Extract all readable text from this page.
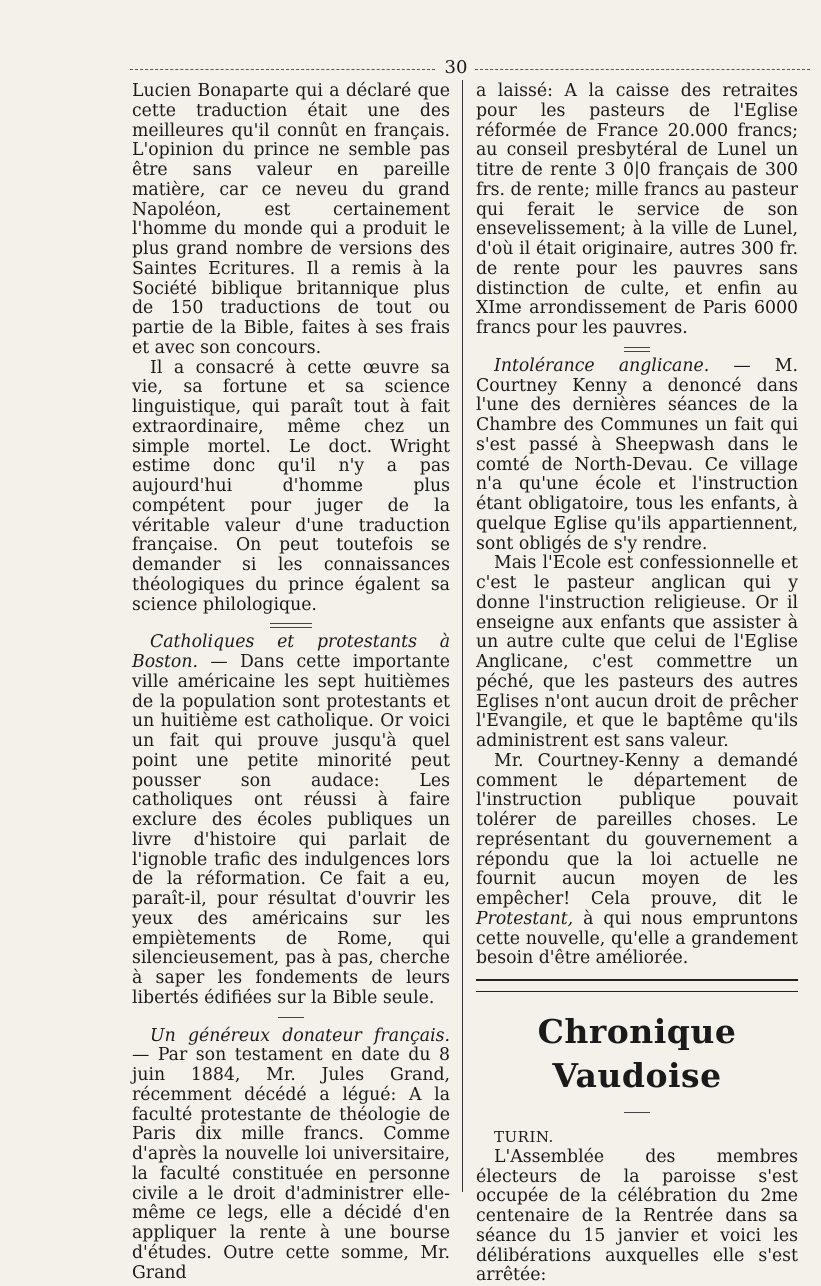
30

Lucien Bonaparte qui a déclaré que cette traduction était une des meilleures qu'il connût en français. L'opinion du prince ne semble pas être sans valeur en pareille matière, car ce neveu du grand Napoléon, est certainement l'homme du monde qui a produit le plus grand nombre de versions des Saintes Ecritures. Il a remis à la Société biblique britannique plus de 150 traductions de tout ou partie de la Bible, faites à ses frais et avec son concours.

Il a consacré à cette œuvre sa vie, sa fortune et sa science linguistique, qui paraît tout à fait extraordinaire, même chez un simple mortel. Le doct. Wright estime donc qu'il n'y a pas aujourd'hui d'homme plus compétent pour juger de la véritable valeur d'une traduction française. On peut toutefois se demander si les connaissances théologiques du prince égalent sa science philologique.

Catholiques et protestants à Boston. — Dans cette importante ville américaine les sept huitièmes de la population sont protestants et un huitième est catholique. Or voici un fait qui prouve jusqu'à quel point une petite minorité peut pousser son audace: Les catholiques ont réussi à faire exclure des écoles publiques un livre d'histoire qui parlait de l'ignoble trafic des indulgences lors de la réformation. Ce fait a eu, paraît-il, pour résultat d'ouvrir les yeux des américains sur les empiètements de Rome, qui silencieusement, pas à pas, cherche à saper les fondements de leurs libertés édifiées sur la Bible seule.

Un généreux donateur français. — Par son testament en date du 8 juin 1884, Mr. Jules Grand, récemment décédé a légué: A la faculté protestante de théologie de Paris dix mille francs. Comme d'après la nouvelle loi universitaire, la faculté constituée en personne civile a le droit d'administrer elle-même ce legs, elle a décidé d'en appliquer la rente à une bourse d'études. Outre cette somme, Mr. Grand

a laissé: A la caisse des retraites pour les pasteurs de l'Eglise réformée de France 20.000 francs; au conseil presbytéral de Lunel un titre de rente 3 0|0 français de 300 frs. de rente; mille francs au pasteur qui ferait le service de son ensevelissement; à la ville de Lunel, d'où il était originaire, autres 300 fr. de rente pour les pauvres sans distinction de culte, et enfin au XIme arrondissement de Paris 6000 francs pour les pauvres.

Intolérance anglicane. — M. Courtney Kenny a denoncé dans l'une des dernières séances de la Chambre des Communes un fait qui s'est passé à Sheepwash dans le comté de North-Devau. Ce village n'a qu'une école et l'instruction étant obligatoire, tous les enfants, à quelque Eglise qu'ils appartiennent, sont obligés de s'y rendre.

Mais l'Ecole est confessionnelle et c'est le pasteur anglican qui y donne l'instruction religieuse. Or il enseigne aux enfants que assister à un autre culte que celui de l'Eglise Anglicane, c'est commettre un péché, que les pasteurs des autres Eglises n'ont aucun droit de prêcher l'Evangile, et que le baptême qu'ils administrent est sans valeur.

Mr. Courtney-Kenny a demandé comment le département de l'instruction publique pouvait tolérer de pareilles choses. Le représentant du gouvernement a répondu que la loi actuelle ne fournit aucun moyen de les empêcher! Cela prouve, dit le Protestant, à qui nous empruntons cette nouvelle, qu'elle a grandement besoin d'être améliorée.

Chronique Vaudoise

TURIN.

L'Assemblée des membres électeurs de la paroisse s'est occupée de la célébration du 2me centenaire de la Rentrée dans sa séance du 15 janvier et voici les délibérations auxquelles elle s'est arrêtée:
